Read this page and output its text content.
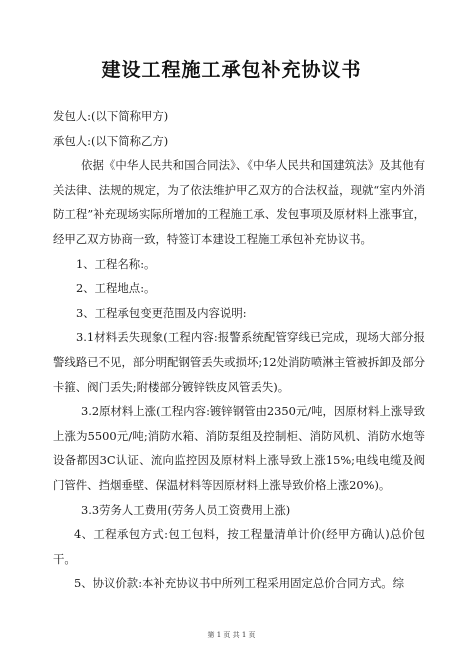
建设工程施工承包补充协议书

发包人:(以下简称甲方)

承包人:(以下简称乙方)

依据《中华人民共和国合同法》、《中华人民共和国建筑法》及其他有关法律、法规的规定，为了依法维护甲乙双方的合法权益，现就“室内外消防工程”补充现场实际所增加的工程施工承、发包事项及原材料上涨事宜，经甲乙双方协商一致，特签订本建设工程施工承包补充协议书。

1、工程名称:。

2、工程地点:。

3、工程承包变更范围及内容说明:

3.1材料丢失现象(工程内容:报警系统配管穿线已完成，现场大部分报警线路已不见，部分明配钢管丢失或损坏;12处消防喷淋主管被拆卸及部分卡箍、阀门丢失;附楼部分镀锌铁皮风管丢失)。

3.2原材料上涨(工程内容:镀锌钢管由2350元/吨，因原材料上涨导致上涨为5500元/吨;消防水箱、消防泵组及控制柜、消防风机、消防水炮等设备都因3C认证、流向监控因及原材料上涨导致上涨15%;电线电缆及阀门管件、挡烟垂壁、保温材料等因原材料上涨导致价格上涨20%)。

3.3劳务人工费用(劳务人员工资费用上涨)

4、工程承包方式:包工包料，按工程量清单计价(经甲方确认)总价包干。

5、协议价款:本补充协议书中所列工程采用固定总价合同方式。综

第 1 页 共 1 页
